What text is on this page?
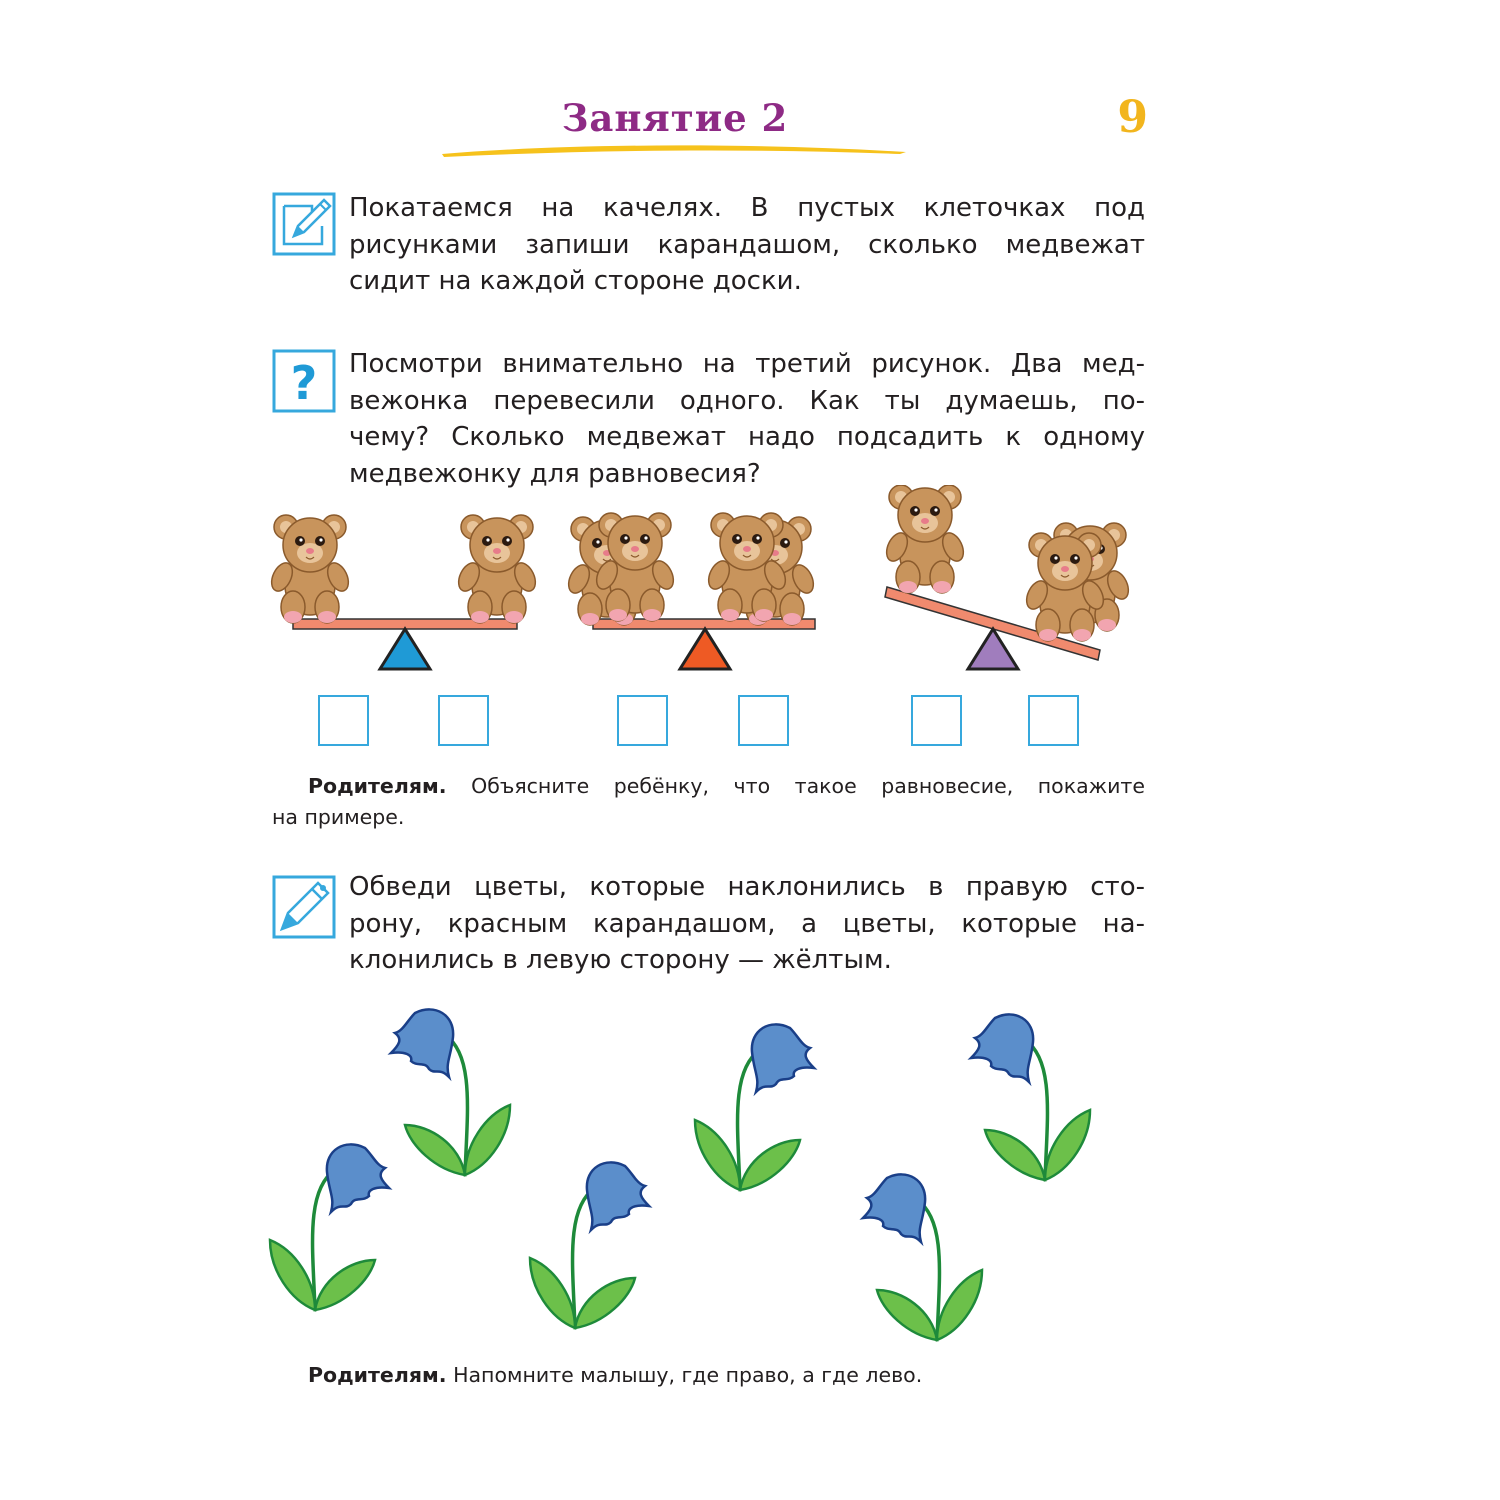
Занятие 2	9
Покатаемся на качелях. В пустых клеточках под
рисунками запиши карандашом, сколько медвежат
сидит на каждой стороне доски.
? Посмотри внимательно на третий рисунок. Два мед-
вежонка перевесили одного. Как ты думаешь, по-
чему? Сколько медвежат надо подсадить к одному
медвежонку для равновесия?
Родителям. Объясните ребёнку, что такое равновесие, покажите
на примере.
Обведи цветы, которые наклонились в правую сто-
рону, красным карандашом, а цветы, которые на-
клонились в левую сторону — жёлтым.
Родителям. Напомните малышу, где право, а где лево.
